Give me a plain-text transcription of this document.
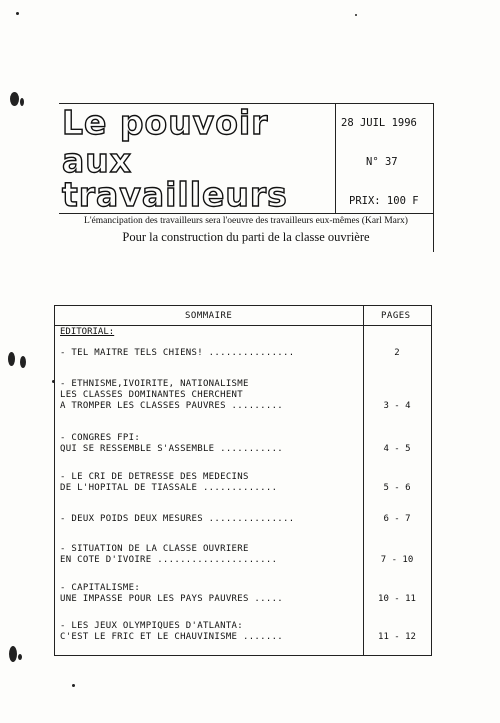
Le pouvoir
aux
travailleurs
28 JUIL 1996
N° 37
PRIX: 100 F
L'émancipation des travailleurs sera l'oeuvre des travailleurs eux-mêmes (Karl Marx)
Pour la construction du parti de la classe ouvrière
SOMMAIRE	PAGES
EDITORIAL:
- TEL MAITRE TELS CHIENS! ...............	2
- ETHNISME,IVOIRITE, NATIONALISME
LES CLASSES DOMINANTES CHERCHENT
A TROMPER LES CLASSES PAUVRES .........	3 - 4
- CONGRES FPI:
QUI SE RESSEMBLE S'ASSEMBLE ...........	4 - 5
- LE CRI DE DETRESSE DES MEDECINS
DE L'HOPITAL DE TIASSALE .............	5 - 6
- DEUX POIDS DEUX MESURES ...............	6 - 7
- SITUATION DE LA CLASSE OUVRIERE
EN COTE D'IVOIRE .....................	7 - 10
- CAPITALISME:
UNE IMPASSE POUR LES PAYS PAUVRES .....	10 - 11
- LES JEUX OLYMPIQUES D'ATLANTA:
C'EST LE FRIC ET LE CHAUVINISME .......	11 - 12
